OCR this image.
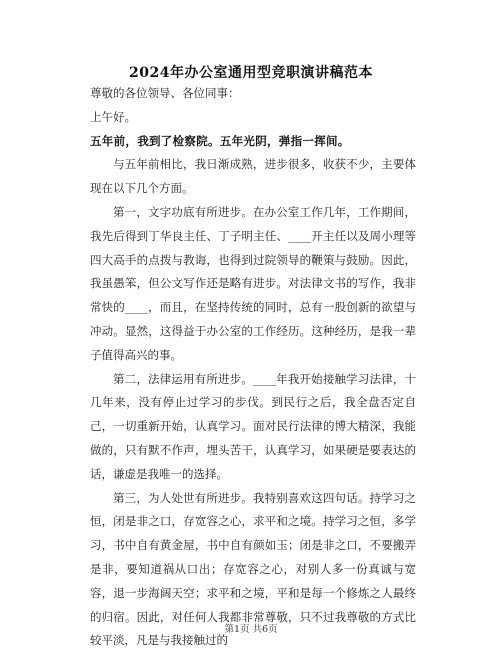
2024年办公室通用型竞职演讲稿范本

尊敬的各位领导、各位同事：

上午好。

五年前，我到了检察院。五年光阴，弹指一挥间。

与五年前相比，我日渐成熟，进步很多，收获不少，主要体现在以下几个方面。

第一，文字功底有所进步。在办公室工作几年，工作期间，我先后得到丁华良主任、丁子明主任、____开主任以及周小理等四大高手的点拨与教诲，也得到过院领导的鞭策与鼓励。因此，我虽愚笨，但公文写作还是略有进步。对法律文书的写作，我非常快的____，而且，在坚持传统的同时，总有一股创新的欲望与冲动。显然，这得益于办公室的工作经历。这种经历，是我一辈子值得高兴的事。

第二，法律运用有所进步。____年我开始接触学习法律，十几年来，没有停止过学习的步伐。到民行之后，我全盘否定自己，一切重新开始，认真学习。面对民行法律的博大精深，我能做的，只有默不作声，埋头苦干，认真学习，如果硬是要表达的话，谦虚是我唯一的选择。

第三，为人处世有所进步。我特别喜欢这四句话。持学习之恒，闭是非之口，存宽容之心，求平和之境。持学习之恒，多学习，书中自有黄金屋，书中自有颜如玉；闭是非之口，不要搬弄是非，要知道祸从口出；存宽容之心，对别人多一份真诚与宽容，退一步海阔天空；求平和之境，平和是每一个修炼之人最终的归宿。因此，对任何人我都非常尊敬，只不过我尊敬的方式比较平淡，凡是与我接触过的

第1页 共6页
